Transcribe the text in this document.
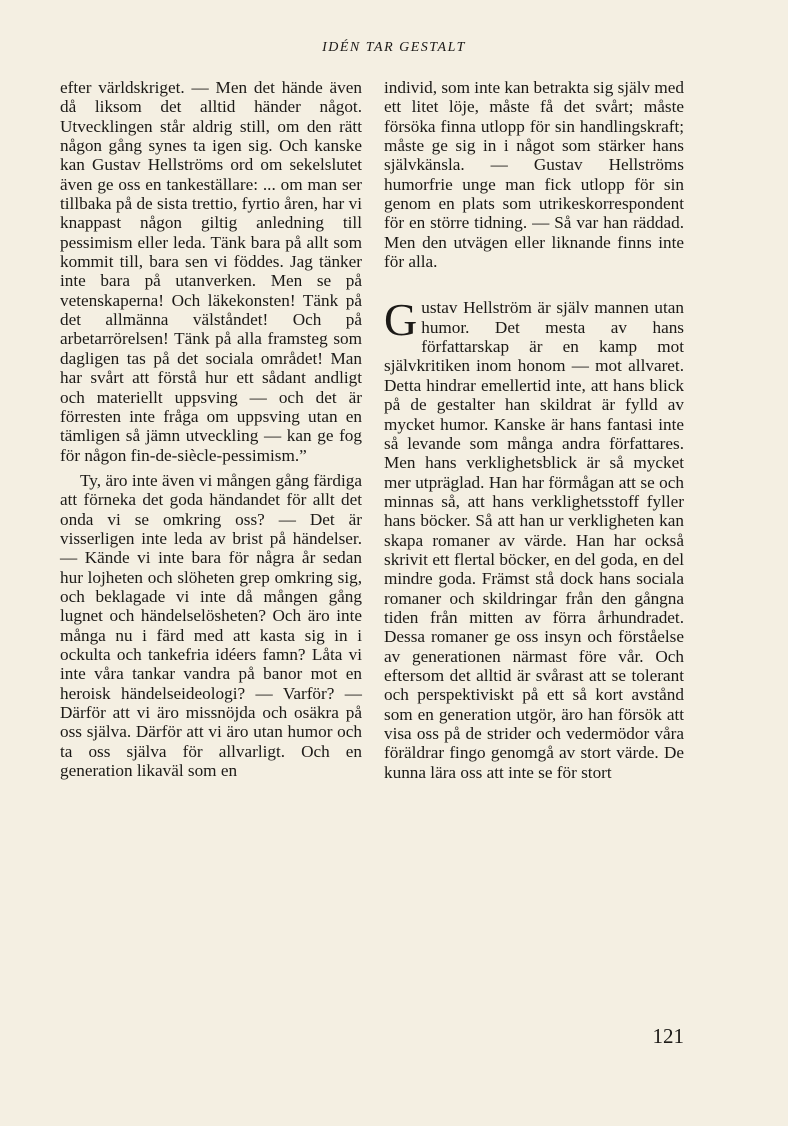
IDÉN TAR GESTALT

efter världskriget. — Men det hände även då liksom det alltid händer något. Utvecklingen står aldrig still, om den rätt någon gång synes ta igen sig. Och kanske kan Gustav Hellströms ord om sekelslutet även ge oss en tankeställare: ... om man ser tillbaka på de sista trettio, fyrtio åren, har vi knappast någon giltig anledning till pessimism eller leda. Tänk bara på allt som kommit till, bara sen vi föddes. Jag tänker inte bara på utanverken. Men se på vetenskaperna! Och läkekonsten! Tänk på det allmänna välståndet! Och på arbetarrörelsen! Tänk på alla framsteg som dagligen tas på det sociala området! Man har svårt att förstå hur ett sådant andligt och materiellt uppsving — och det är förresten inte fråga om uppsving utan en tämligen så jämn utveckling — kan ge fog för någon fin-de-siècle-pessimism.”

Ty, äro inte även vi mången gång färdiga att förneka det goda händandet för allt det onda vi se omkring oss? — Det är visserligen inte leda av brist på händelser. — Kände vi inte bara för några år sedan hur lojheten och slöheten grep omkring sig, och beklagade vi inte då mången gång lugnet och händelselösheten? Och äro inte många nu i färd med att kasta sig in i ockulta och tankefria idéers famn? Låta vi inte våra tankar vandra på banor mot en heroisk händelseideologi? — Varför? — Därför att vi äro missnöjda och osäkra på oss själva. Därför att vi äro utan humor och ta oss själva för allvarligt. Och en generation likaväl som en

individ, som inte kan betrakta sig själv med ett litet löje, måste få det svårt; måste försöka finna utlopp för sin handlingskraft; måste ge sig in i något som stärker hans självkänsla. — Gustav Hellströms humorfrie unge man fick utlopp för sin genom en plats som utrikeskorrespondent för en större tidning. — Så var han räddad. Men den utvägen eller liknande finns inte för alla.

Gustav Hellström är själv mannen utan humor. Det mesta av hans författarskap är en kamp mot självkritiken inom honom — mot allvaret. Detta hindrar emellertid inte, att hans blick på de gestalter han skildrat är fylld av mycket humor. Kanske är hans fantasi inte så levande som många andra författares. Men hans verklighetsblick är så mycket mer utpräglad. Han har förmågan att se och minnas så, att hans verklighetsstoff fyller hans böcker. Så att han ur verkligheten kan skapa romaner av värde. Han har också skrivit ett flertal böcker, en del goda, en del mindre goda. Främst stå dock hans sociala romaner och skildringar från den gångna tiden från mitten av förra århundradet. Dessa romaner ge oss insyn och förståelse av generationen närmast före vår. Och eftersom det alltid är svårast att se tolerant och perspektiviskt på ett så kort avstånd som en generation utgör, äro han försök att visa oss på de strider och vedermödor våra föräldrar fingo genomgå av stort värde. De kunna lära oss att inte se för stort

121
